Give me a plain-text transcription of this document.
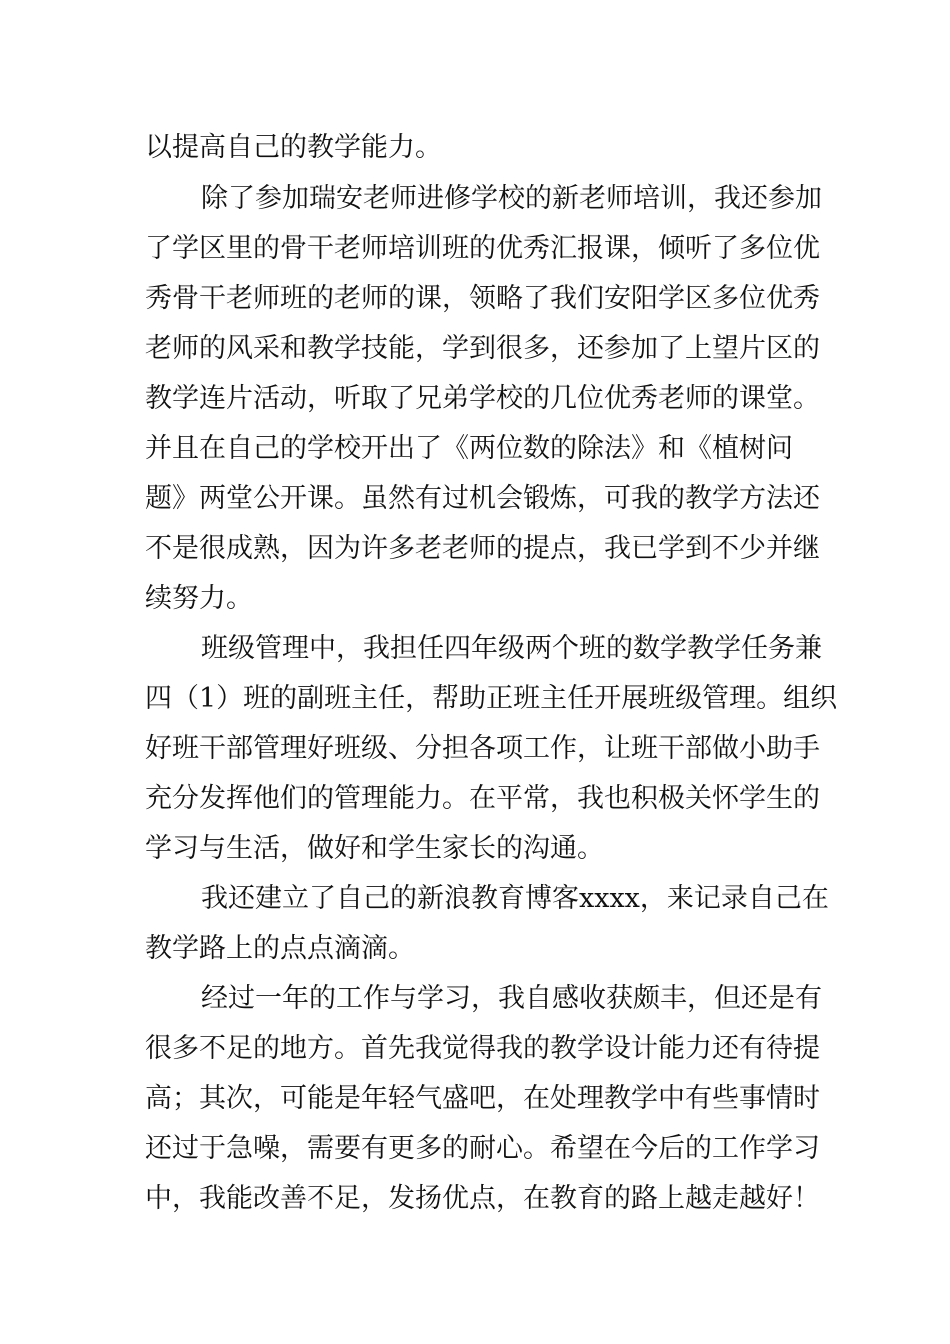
以提高自己的教学能力。
除了参加瑞安老师进修学校的新老师培训，我还参加
了学区里的骨干老师培训班的优秀汇报课，倾听了多位优
秀骨干老师班的老师的课，领略了我们安阳学区多位优秀
老师的风采和教学技能，学到很多，还参加了上望片区的
教学连片活动，听取了兄弟学校的几位优秀老师的课堂。
并且在自己的学校开出了《两位数的除法》和《植树问
题》两堂公开课。虽然有过机会锻炼，可我的教学方法还
不是很成熟，因为许多老老师的提点，我已学到不少并继
续努力。
班级管理中，我担任四年级两个班的数学教学任务兼
四（1）班的副班主任，帮助正班主任开展班级管理。组织
好班干部管理好班级、分担各项工作，让班干部做小助手
充分发挥他们的管理能力。在平常，我也积极关怀学生的
学习与生活，做好和学生家长的沟通。
我还建立了自己的新浪教育博客xxxx，来记录自己在
教学路上的点点滴滴。
经过一年的工作与学习，我自感收获颇丰，但还是有
很多不足的地方。首先我觉得我的教学设计能力还有待提
高；其次，可能是年轻气盛吧，在处理教学中有些事情时
还过于急噪，需要有更多的耐心。希望在今后的工作学习
中，我能改善不足，发扬优点，在教育的路上越走越好！
